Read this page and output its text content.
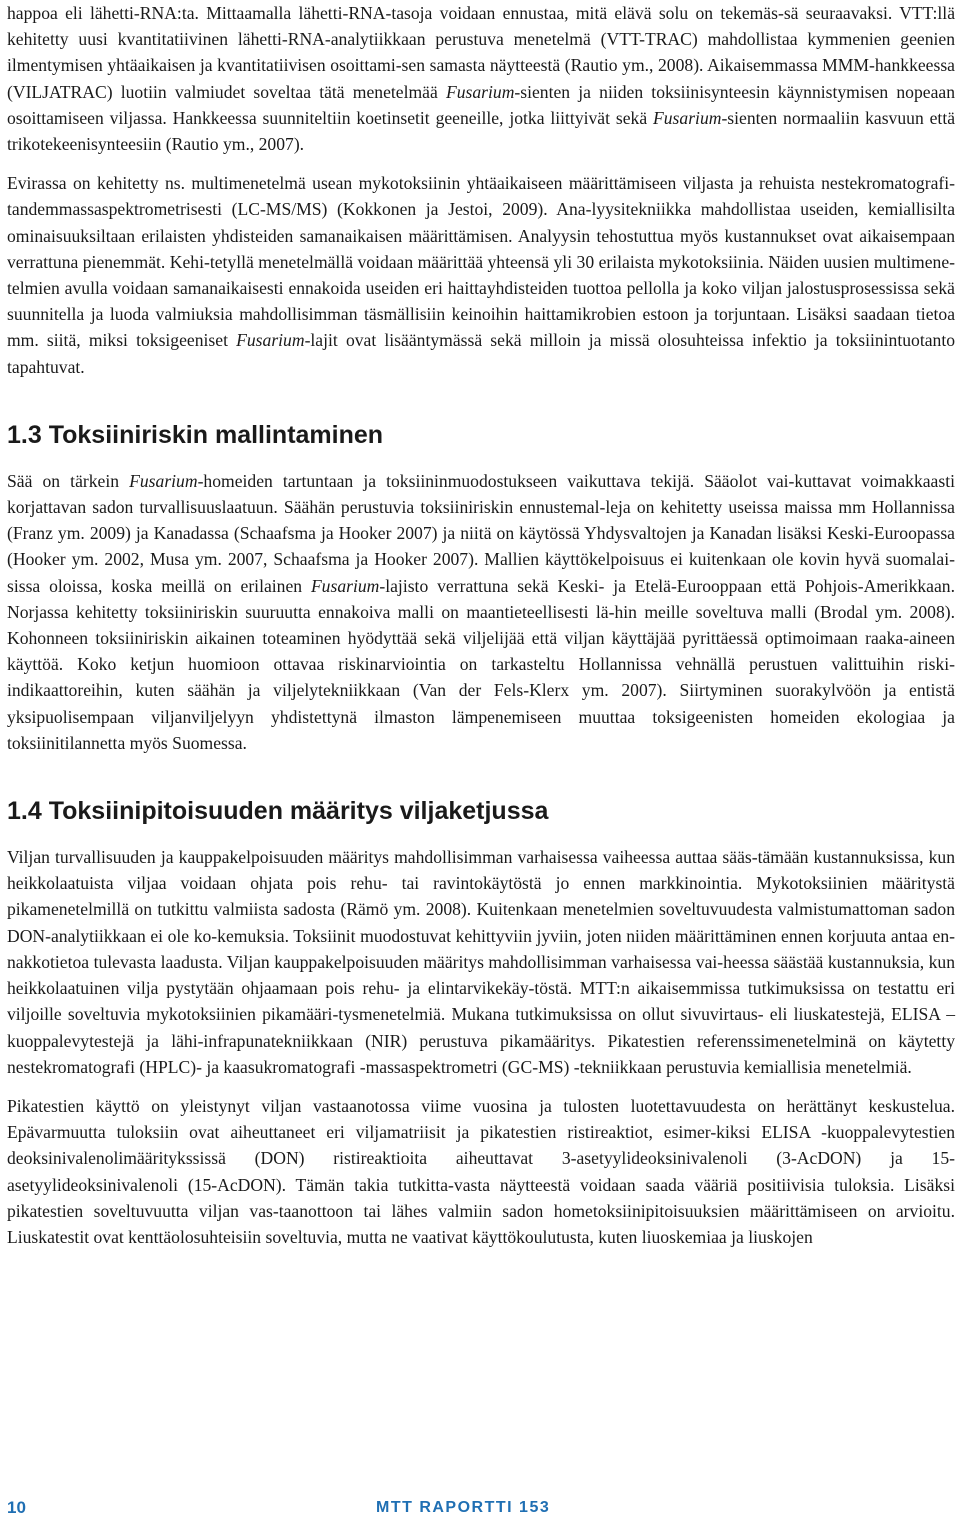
happoa eli lähetti-RNA:ta. Mittaamalla lähetti-RNA-tasoja voidaan ennustaa, mitä elävä solu on tekemäs-sä seuraavaksi. VTT:llä kehitetty uusi kvantitatiivinen lähetti-RNA-analytiikkaan perustuva menetelmä (VTT-TRAC) mahdollistaa kymmenien geenien ilmentymisen yhtäaikaisen ja kvantitatiivisen osoittami-sen samasta näytteestä (Rautio ym., 2008). Aikaisemmassa MMM-hankkeessa (VILJATRAC) luotiin valmiudet soveltaa tätä menetelmää Fusarium-sienten ja niiden toksiinisynteesin käynnistymisen nopeaan osoittamiseen viljassa. Hankkeessa suunniteltiin koetinsetit geeneille, jotka liittyivät sekä Fusarium-sienten normaaliin kasvuun että trikotekeenisynteesiin (Rautio ym., 2007).

Evirassa on kehitetty ns. multimenetelmä usean mykotoksiinin yhtäaikaiseen määrittämiseen viljasta ja rehuista nestekromatografi-tandemmassaspektrometrisesti (LC-MS/MS) (Kokkonen ja Jestoi, 2009). Ana-lyysitekniikka mahdollistaa useiden, kemiallisilta ominaisuuksiltaan erilaisten yhdisteiden samanaikaisen määrittämisen. Analyysin tehostuttua myös kustannukset ovat aikaisempaan verrattuna pienemmät. Kehi-tetyllä menetelmällä voidaan määrittää yhteensä yli 30 erilaista mykotoksiinia. Näiden uusien multimene-telmien avulla voidaan samanaikaisesti ennakoida useiden eri haittayhdisteiden tuottoa pellolla ja koko viljan jalostusprosessissa sekä suunnitella ja luoda valmiuksia mahdollisimman täsmällisiin keinoihin haittamikrobien estoon ja torjuntaan. Lisäksi saadaan tietoa mm. siitä, miksi toksigeeniset Fusarium-lajit ovat lisääntymässä sekä milloin ja missä olosuhteissa infektio ja toksiinintuotanto tapahtuvat.

1.3 Toksiiniriskin mallintaminen

Sää on tärkein Fusarium-homeiden tartuntaan ja toksiininmuodostukseen vaikuttava tekijä. Sääolot vai-kuttavat voimakkaasti korjattavan sadon turvallisuuslaatuun. Säähän perustuvia toksiiniriskin ennustemal-leja on kehitetty useissa maissa mm Hollannissa (Franz ym. 2009) ja Kanadassa (Schaafsma ja Hooker 2007) ja niitä on käytössä Yhdysvaltojen ja Kanadan lisäksi Keski-Euroopassa (Hooker ym. 2002, Musa ym. 2007, Schaafsma ja Hooker 2007). Mallien käyttökelpoisuus ei kuitenkaan ole kovin hyvä suomalai-sissa oloissa, koska meillä on erilainen Fusarium-lajisto verrattuna sekä Keski- ja Etelä-Eurooppaan että Pohjois-Amerikkaan. Norjassa kehitetty toksiiniriskin suuruutta ennakoiva malli on maantieteellisesti lä-hin meille soveltuva malli (Brodal ym. 2008). Kohonneen toksiiniriskin aikainen toteaminen hyödyttää sekä viljelijää että viljan käyttäjää pyrittäessä optimoimaan raaka-aineen käyttöä. Koko ketjun huomioon ottavaa riskinarviointia on tarkasteltu Hollannissa vehnällä perustuen valittuihin riski-indikaattoreihin, kuten säähän ja viljelytekniikkaan (Van der Fels-Klerx ym. 2007). Siirtyminen suorakylvöön ja entistä yksipuolisempaan viljanviljelyyn yhdistettynä ilmaston lämpenemiseen muuttaa toksigeenisten homeiden ekologiaa ja toksiinitilannetta myös Suomessa.

1.4 Toksiinipitoisuuden määritys viljaketjussa

Viljan turvallisuuden ja kauppakelpoisuuden määritys mahdollisimman varhaisessa vaiheessa auttaa sääs-tämään kustannuksissa, kun heikkolaatuista viljaa voidaan ohjata pois rehu- tai ravintokäytöstä jo ennen markkinointia. Mykotoksiinien määritystä pikamenetelmillä on tutkittu valmiista sadosta (Rämö ym. 2008). Kuitenkaan menetelmien soveltuvuudesta valmistumattoman sadon DON-analytiikkaan ei ole ko-kemuksia. Toksiinit muodostuvat kehittyviin jyviin, joten niiden määrittäminen ennen korjuuta antaa en-nakkotietoa tulevasta laadusta. Viljan kauppakelpoisuuden määritys mahdollisimman varhaisessa vai-heessa säästää kustannuksia, kun heikkolaatuinen vilja pystytään ohjaamaan pois rehu- ja elintarvikekäy-töstä. MTT:n aikaisemmissa tutkimuksissa on testattu eri viljoille soveltuvia mykotoksiinien pikamääri-tysmenetelmiä. Mukana tutkimuksissa on ollut sivuvirtaus- eli liuskatestejä, ELISA –kuoppalevytestejä ja lähi-infrapunatekniikkaan (NIR) perustuva pikamääritys. Pikatestien referenssimenetelminä on käytetty nestekromatografi (HPLC)- ja kaasukromatografi -massaspektrometri (GC-MS) -tekniikkaan perustuvia kemiallisia menetelmiä.

Pikatestien käyttö on yleistynyt viljan vastaanotossa viime vuosina ja tulosten luotettavuudesta on herättänyt keskustelua. Epävarmuutta tuloksiin ovat aiheuttaneet eri viljamatriisit ja pikatestien ristireaktiot, esimer-kiksi ELISA -kuoppalevytestien deoksinivalenolimääritykssissä (DON) ristireaktioita aiheuttavat 3-asetyylideoksinivalenoli (3-AcDON) ja 15-asetyylideoksinivalenoli (15-AcDON). Tämän takia tutkitta-vasta näytteestä voidaan saada vääriä positiivisia tuloksia. Lisäksi pikatestien soveltuvuutta viljan vas-taanottoon tai lähes valmiin sadon hometoksiinipitoisuuksien määrittämiseen on arvioitu. Liuskatestit ovat kenttäolosuhteisiin soveltuvia, mutta ne vaativat käyttökoulutusta, kuten liuoskemiaa ja liuskojen

10	MTT RAPORTTI 153
